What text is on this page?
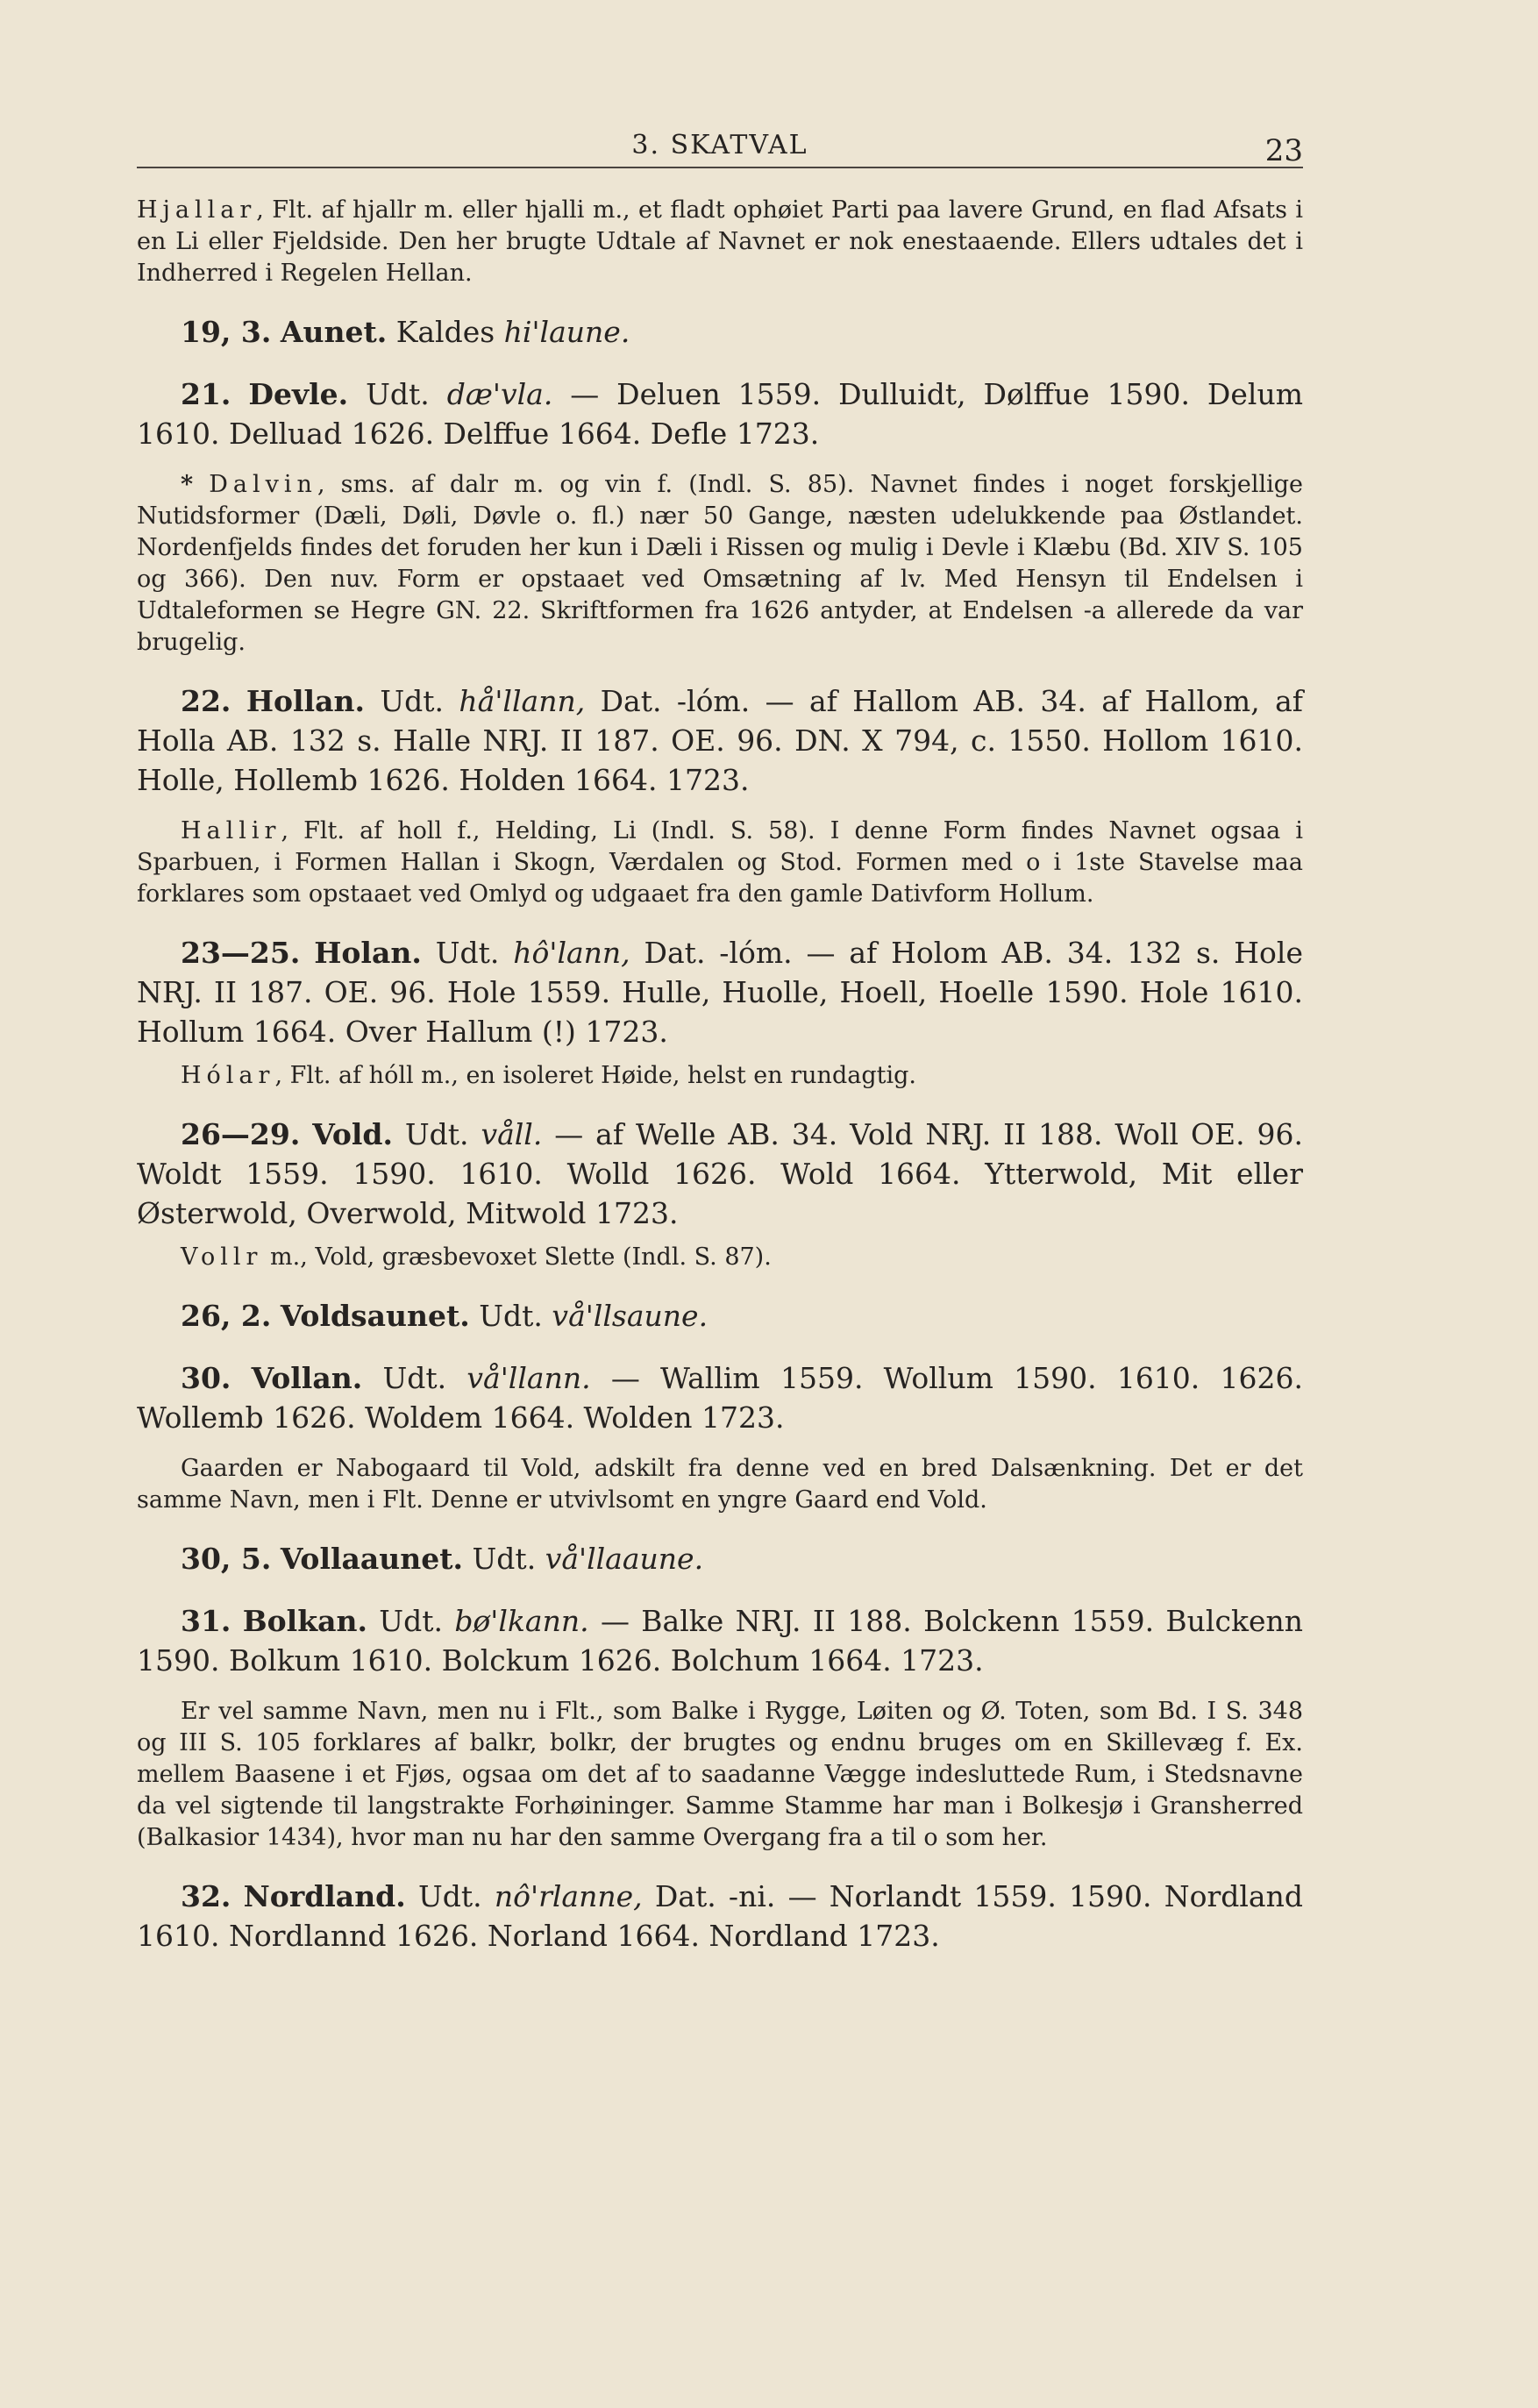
3. SKATVAL	23

Hjallar, Flt. af hjallr m. eller hjalli m., et fladt ophøiet Parti paa lavere Grund, en flad Afsats i en Li eller Fjeldside. Den her brugte Udtale af Navnet er nok enestaaende. Ellers udtales det i Indherred i Regelen Hellan.

19, 3. Aunet. Kaldes hi'laune.

21. Devle. Udt. dæ'vla. — Deluen 1559. Dulluidt, Dølffue 1590. Delum 1610. Delluad 1626. Delffue 1664. Defle 1723.

* Dalvin, sms. af dalr m. og vin f. (Indl. S. 85). Navnet findes i noget forskjellige Nutidsformer (Dæli, Døli, Døvle o. fl.) nær 50 Gange, næsten udelukkende paa Østlandet. Nordenfjelds findes det foruden her kun i Dæli i Rissen og mulig i Devle i Klæbu (Bd. XIV S. 105 og 366). Den nuv. Form er opstaaet ved Omsætning af lv. Med Hensyn til Endelsen i Udtaleformen se Hegre GN. 22. Skriftformen fra 1626 antyder, at Endelsen -a allerede da var brugelig.

22. Hollan. Udt. hå'llann, Dat. -lóm. — af Hallom AB. 34. af Hallom, af Holla AB. 132 s. Halle NRJ. II 187. OE. 96. DN. X 794, c. 1550. Hollom 1610. Holle, Hollemb 1626. Holden 1664. 1723.

Hallir, Flt. af holl f., Helding, Li (Indl. S. 58). I denne Form findes Navnet ogsaa i Sparbuen, i Formen Hallan i Skogn, Værdalen og Stod. Formen med o i 1ste Stavelse maa forklares som opstaaet ved Omlyd og udgaaet fra den gamle Dativform Hollum.

23—25. Holan. Udt. hô'lann, Dat. -lóm. — af Holom AB. 34. 132 s. Hole NRJ. II 187. OE. 96. Hole 1559. Hulle, Huolle, Hoell, Hoelle 1590. Hole 1610. Hollum 1664. Over Hallum (!) 1723.

Hólar, Flt. af hóll m., en isoleret Høide, helst en rundagtig.

26—29. Vold. Udt. våll. — af Welle AB. 34. Vold NRJ. II 188. Woll OE. 96. Woldt 1559. 1590. 1610. Wolld 1626. Wold 1664. Ytterwold, Mit eller Østerwold, Overwold, Mitwold 1723.

Vollr m., Vold, græsbevoxet Slette (Indl. S. 87).

26, 2. Voldsaunet. Udt. vå'llsaune.

30. Vollan. Udt. vå'llann. — Wallim 1559. Wollum 1590. 1610. 1626. Wollemb 1626. Woldem 1664. Wolden 1723.

Gaarden er Nabogaard til Vold, adskilt fra denne ved en bred Dalsænkning. Det er det samme Navn, men i Flt. Denne er utvivlsomt en yngre Gaard end Vold.

30, 5. Vollaaunet. Udt. vå'llaaune.

31. Bolkan. Udt. bø'lkann. — Balke NRJ. II 188. Bolckenn 1559. Bulckenn 1590. Bolkum 1610. Bolckum 1626. Bolchum 1664. 1723.

Er vel samme Navn, men nu i Flt., som Balke i Rygge, Løiten og Ø. Toten, som Bd. I S. 348 og III S. 105 forklares af balkr, bolkr, der brugtes og endnu bruges om en Skillevæg f. Ex. mellem Baasene i et Fjøs, ogsaa om det af to saadanne Vægge indesluttede Rum, i Stedsnavne da vel sigtende til langstrakte Forhøininger. Samme Stamme har man i Bolkesjø i Gransherred (Balkasior 1434), hvor man nu har den samme Overgang fra a til o som her.

32. Nordland. Udt. nô'rlanne, Dat. -ni. — Norlandt 1559. 1590. Nordland 1610. Nordlannd 1626. Norland 1664. Nordland 1723.
